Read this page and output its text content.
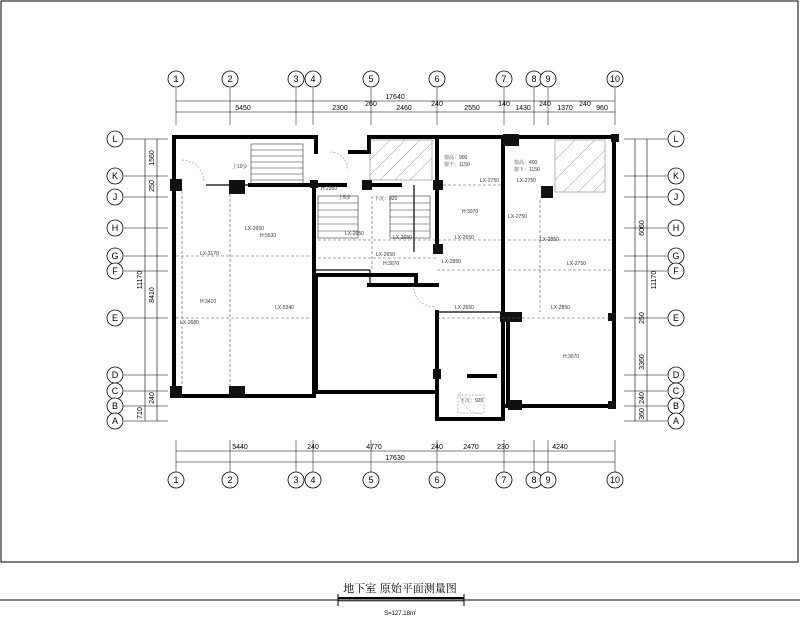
1	2	3 4	5	6	7	8 9	10
17640
5450	2300
260
2460
240
2550
140
1430
240
1370
240
960
5440	240	4770	240	2470	230	4240
17630
1	2	3 4	5	6	7	8 9	10
L
K
J
H
G
F
E
D
C
B
A
11170
8410
1560
250
240
710
L
K
J
H
G
F
E
D
C
B
A
6060
11170
250
3360
240
360
LX-2650
LX-3170
LX-2680
LX-5340
LX-2650
LX-2650
LX-2650
LX-2650
LX-2850
LX-2750	LX-2750
LX-2750
LX-2850
LX-2750
LX-2650	LX-2850
H:5630
H:3410
H:3070
H:3070
H:3070
H:2950
窗高：900
窗下：1150	窗高：400
窗下：1150
上10步
上5步	下沉：920
下沉：920
地下室 原始平面测量图
S=127.18㎡
